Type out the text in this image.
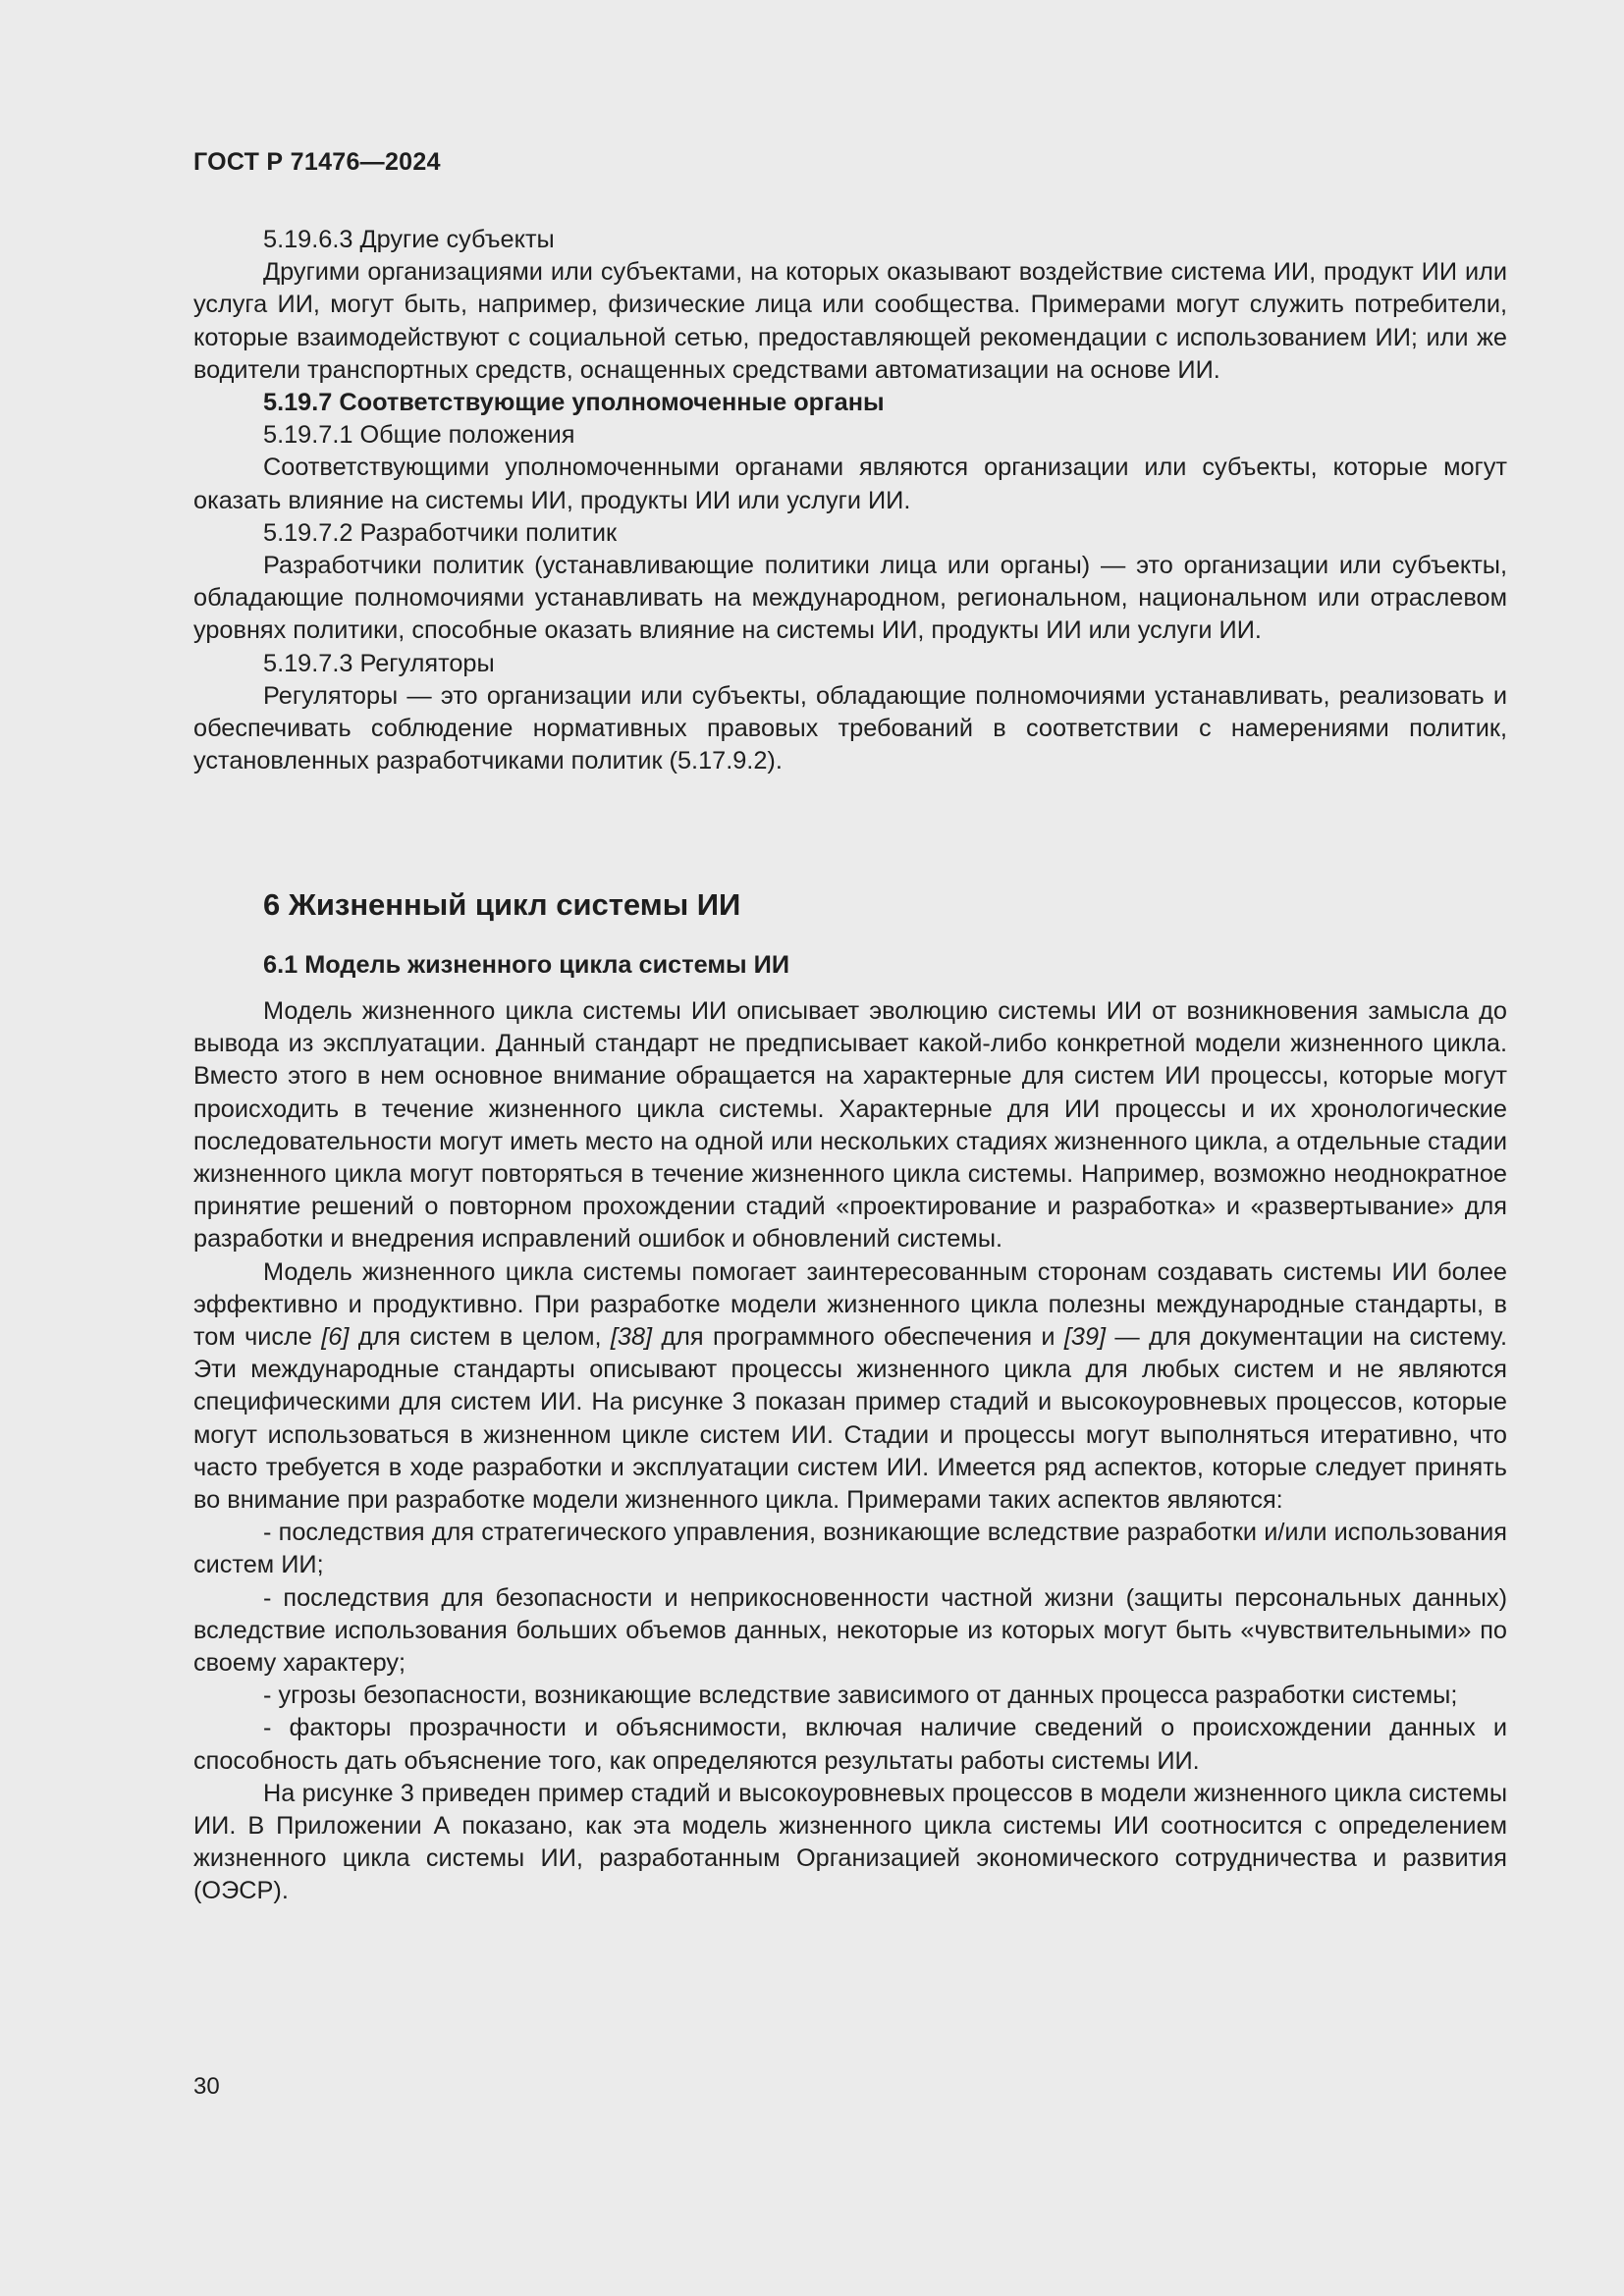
ГОСТ Р 71476—2024

5.19.6.3 Другие субъекты

Другими организациями или субъектами, на которых оказывают воздействие система ИИ, продукт ИИ или услуга ИИ, могут быть, например, физические лица или сообщества. Примерами могут служить потребители, которые взаимодействуют с социальной сетью, предоставляющей рекомендации с использованием ИИ; или же водители транспортных средств, оснащенных средствами автоматизации на основе ИИ.

5.19.7 Соответствующие уполномоченные органы

5.19.7.1 Общие положения

Соответствующими уполномоченными органами являются организации или субъекты, которые могут оказать влияние на системы ИИ, продукты ИИ или услуги ИИ.

5.19.7.2 Разработчики политик

Разработчики политик (устанавливающие политики лица или органы) — это организации или субъекты, обладающие полномочиями устанавливать на международном, региональном, национальном или отраслевом уровнях политики, способные оказать влияние на системы ИИ, продукты ИИ или услуги ИИ.

5.19.7.3 Регуляторы

Регуляторы — это организации или субъекты, обладающие полномочиями устанавливать, реализовать и обеспечивать соблюдение нормативных правовых требований в соответствии с намерениями политик, установленных разработчиками политик (5.17.9.2).

6 Жизненный цикл системы ИИ
6.1 Модель жизненного цикла системы ИИ

Модель жизненного цикла системы ИИ описывает эволюцию системы ИИ от возникновения замысла до вывода из эксплуатации. Данный стандарт не предписывает какой-либо конкретной модели жизненного цикла. Вместо этого в нем основное внимание обращается на характерные для систем ИИ процессы, которые могут происходить в течение жизненного цикла системы. Характерные для ИИ процессы и их хронологические последовательности могут иметь место на одной или нескольких стадиях жизненного цикла, а отдельные стадии жизненного цикла могут повторяться в течение жизненного цикла системы. Например, возможно неоднократное принятие решений о повторном прохождении стадий «проектирование и разработка» и «развертывание» для разработки и внедрения исправлений ошибок и обновлений системы.

Модель жизненного цикла системы помогает заинтересованным сторонам создавать системы ИИ более эффективно и продуктивно. При разработке модели жизненного цикла полезны международные стандарты, в том числе [6] для систем в целом, [38] для программного обеспечения и [39] — для документации на систему. Эти международные стандарты описывают процессы жизненного цикла для любых систем и не являются специфическими для систем ИИ. На рисунке 3 показан пример стадий и высокоуровневых процессов, которые могут использоваться в жизненном цикле систем ИИ. Стадии и процессы могут выполняться итеративно, что часто требуется в ходе разработки и эксплуатации систем ИИ. Имеется ряд аспектов, которые следует принять во внимание при разработке модели жизненного цикла. Примерами таких аспектов являются:

- последствия для стратегического управления, возникающие вследствие разработки и/или использования систем ИИ;

- последствия для безопасности и неприкосновенности частной жизни (защиты персональных данных) вследствие использования больших объемов данных, некоторые из которых могут быть «чувствительными» по своему характеру;

- угрозы безопасности, возникающие вследствие зависимого от данных процесса разработки системы;

- факторы прозрачности и объяснимости, включая наличие сведений о происхождении данных и способность дать объяснение того, как определяются результаты работы системы ИИ.

На рисунке 3 приведен пример стадий и высокоуровневых процессов в модели жизненного цикла системы ИИ. В Приложении А показано, как эта модель жизненного цикла системы ИИ соотносится с определением жизненного цикла системы ИИ, разработанным Организацией экономического сотрудничества и развития (ОЭСР).

30
